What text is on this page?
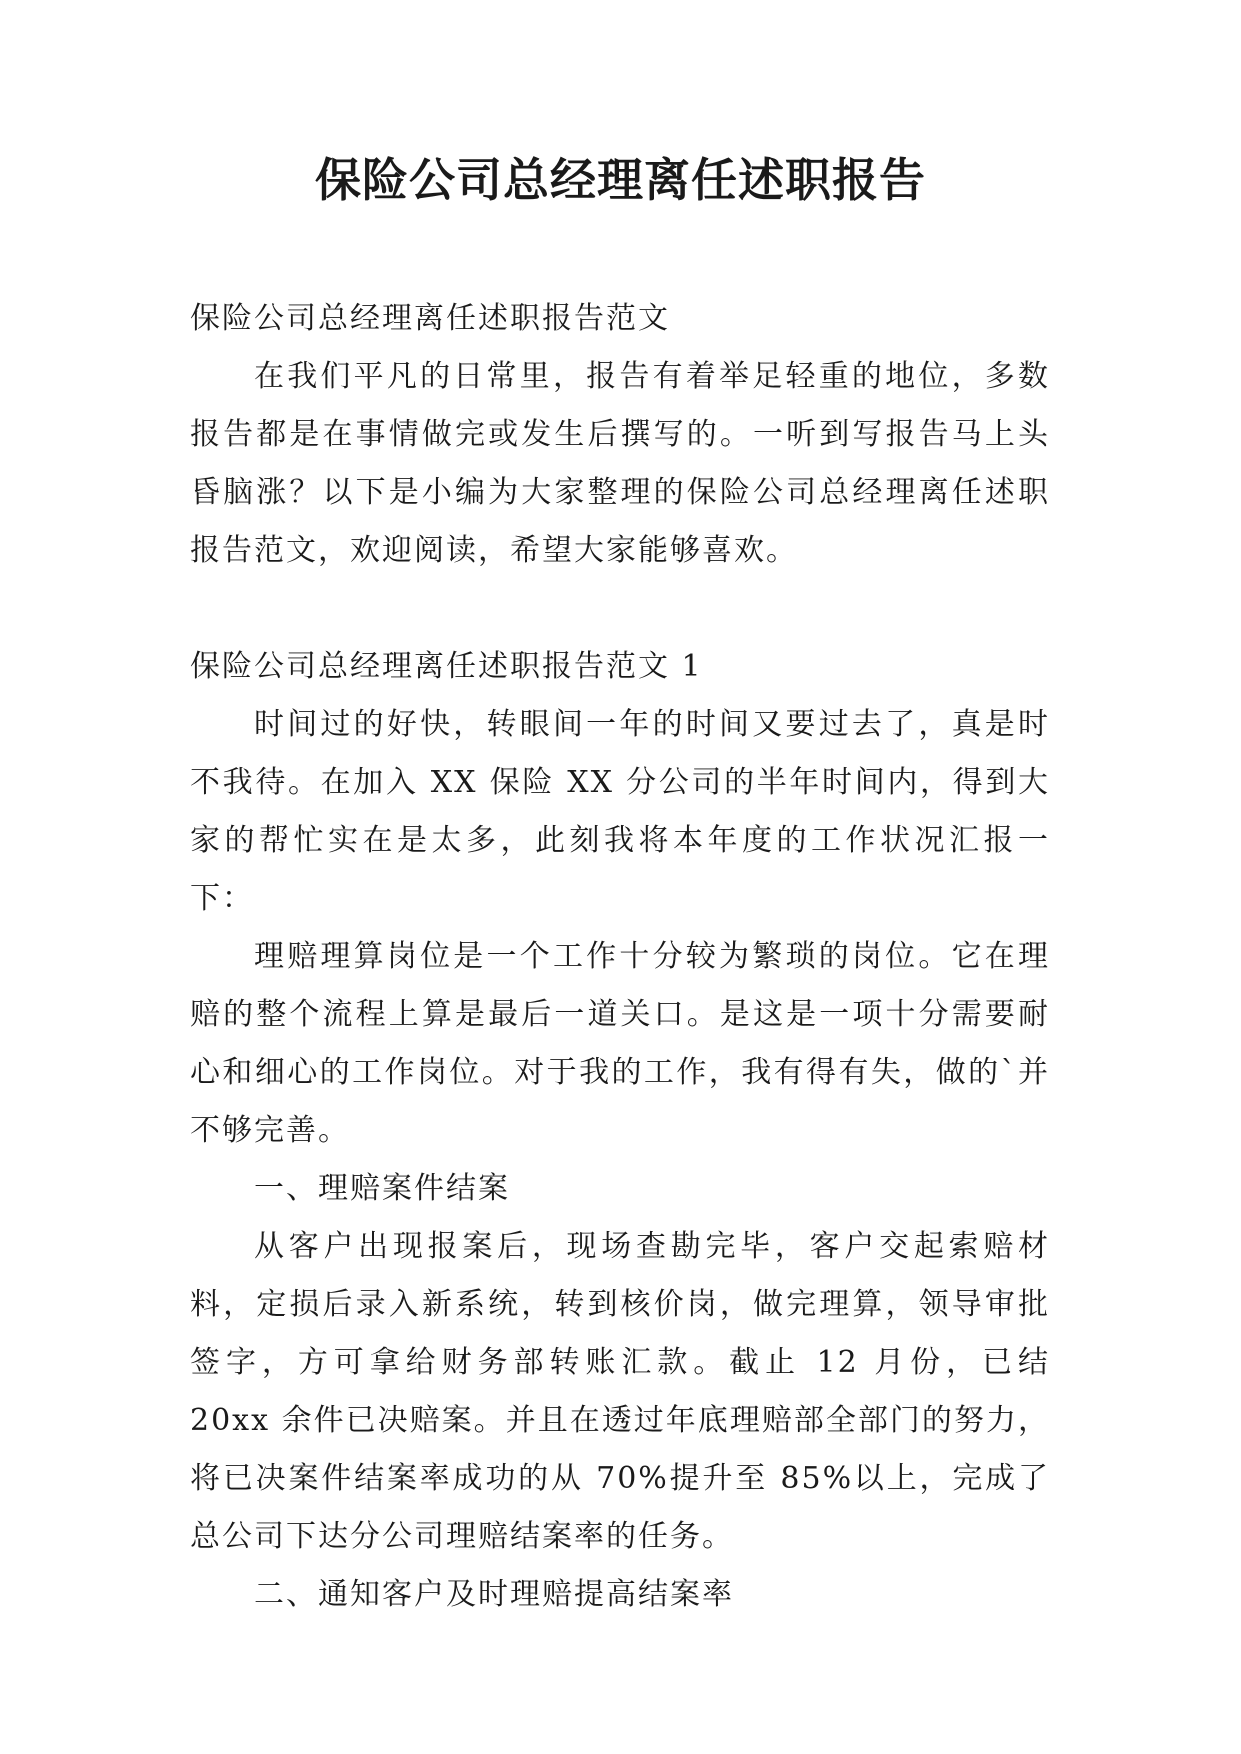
保险公司总经理离任述职报告

保险公司总经理离任述职报告范文

在我们平凡的日常里，报告有着举足轻重的地位，多数报告都是在事情做完或发生后撰写的。一听到写报告马上头昏脑涨？以下是小编为大家整理的保险公司总经理离任述职报告范文，欢迎阅读，希望大家能够喜欢。

保险公司总经理离任述职报告范文 1

时间过的好快，转眼间一年的时间又要过去了，真是时不我待。在加入 XX 保险 XX 分公司的半年时间内，得到大家的帮忙实在是太多，此刻我将本年度的工作状况汇报一下：

理赔理算岗位是一个工作十分较为繁琐的岗位。它在理赔的整个流程上算是最后一道关口。是这是一项十分需要耐心和细心的工作岗位。对于我的工作，我有得有失，做的`并不够完善。

一、理赔案件结案

从客户出现报案后，现场查勘完毕，客户交起索赔材料，定损后录入新系统，转到核价岗，做完理算，领导审批签字，方可拿给财务部转账汇款。截止 12 月份，已结 20xx 余件已决赔案。并且在透过年底理赔部全部门的努力，将已决案件结案率成功的从 70%提升至 85%以上，完成了总公司下达分公司理赔结案率的任务。

二、通知客户及时理赔提高结案率
